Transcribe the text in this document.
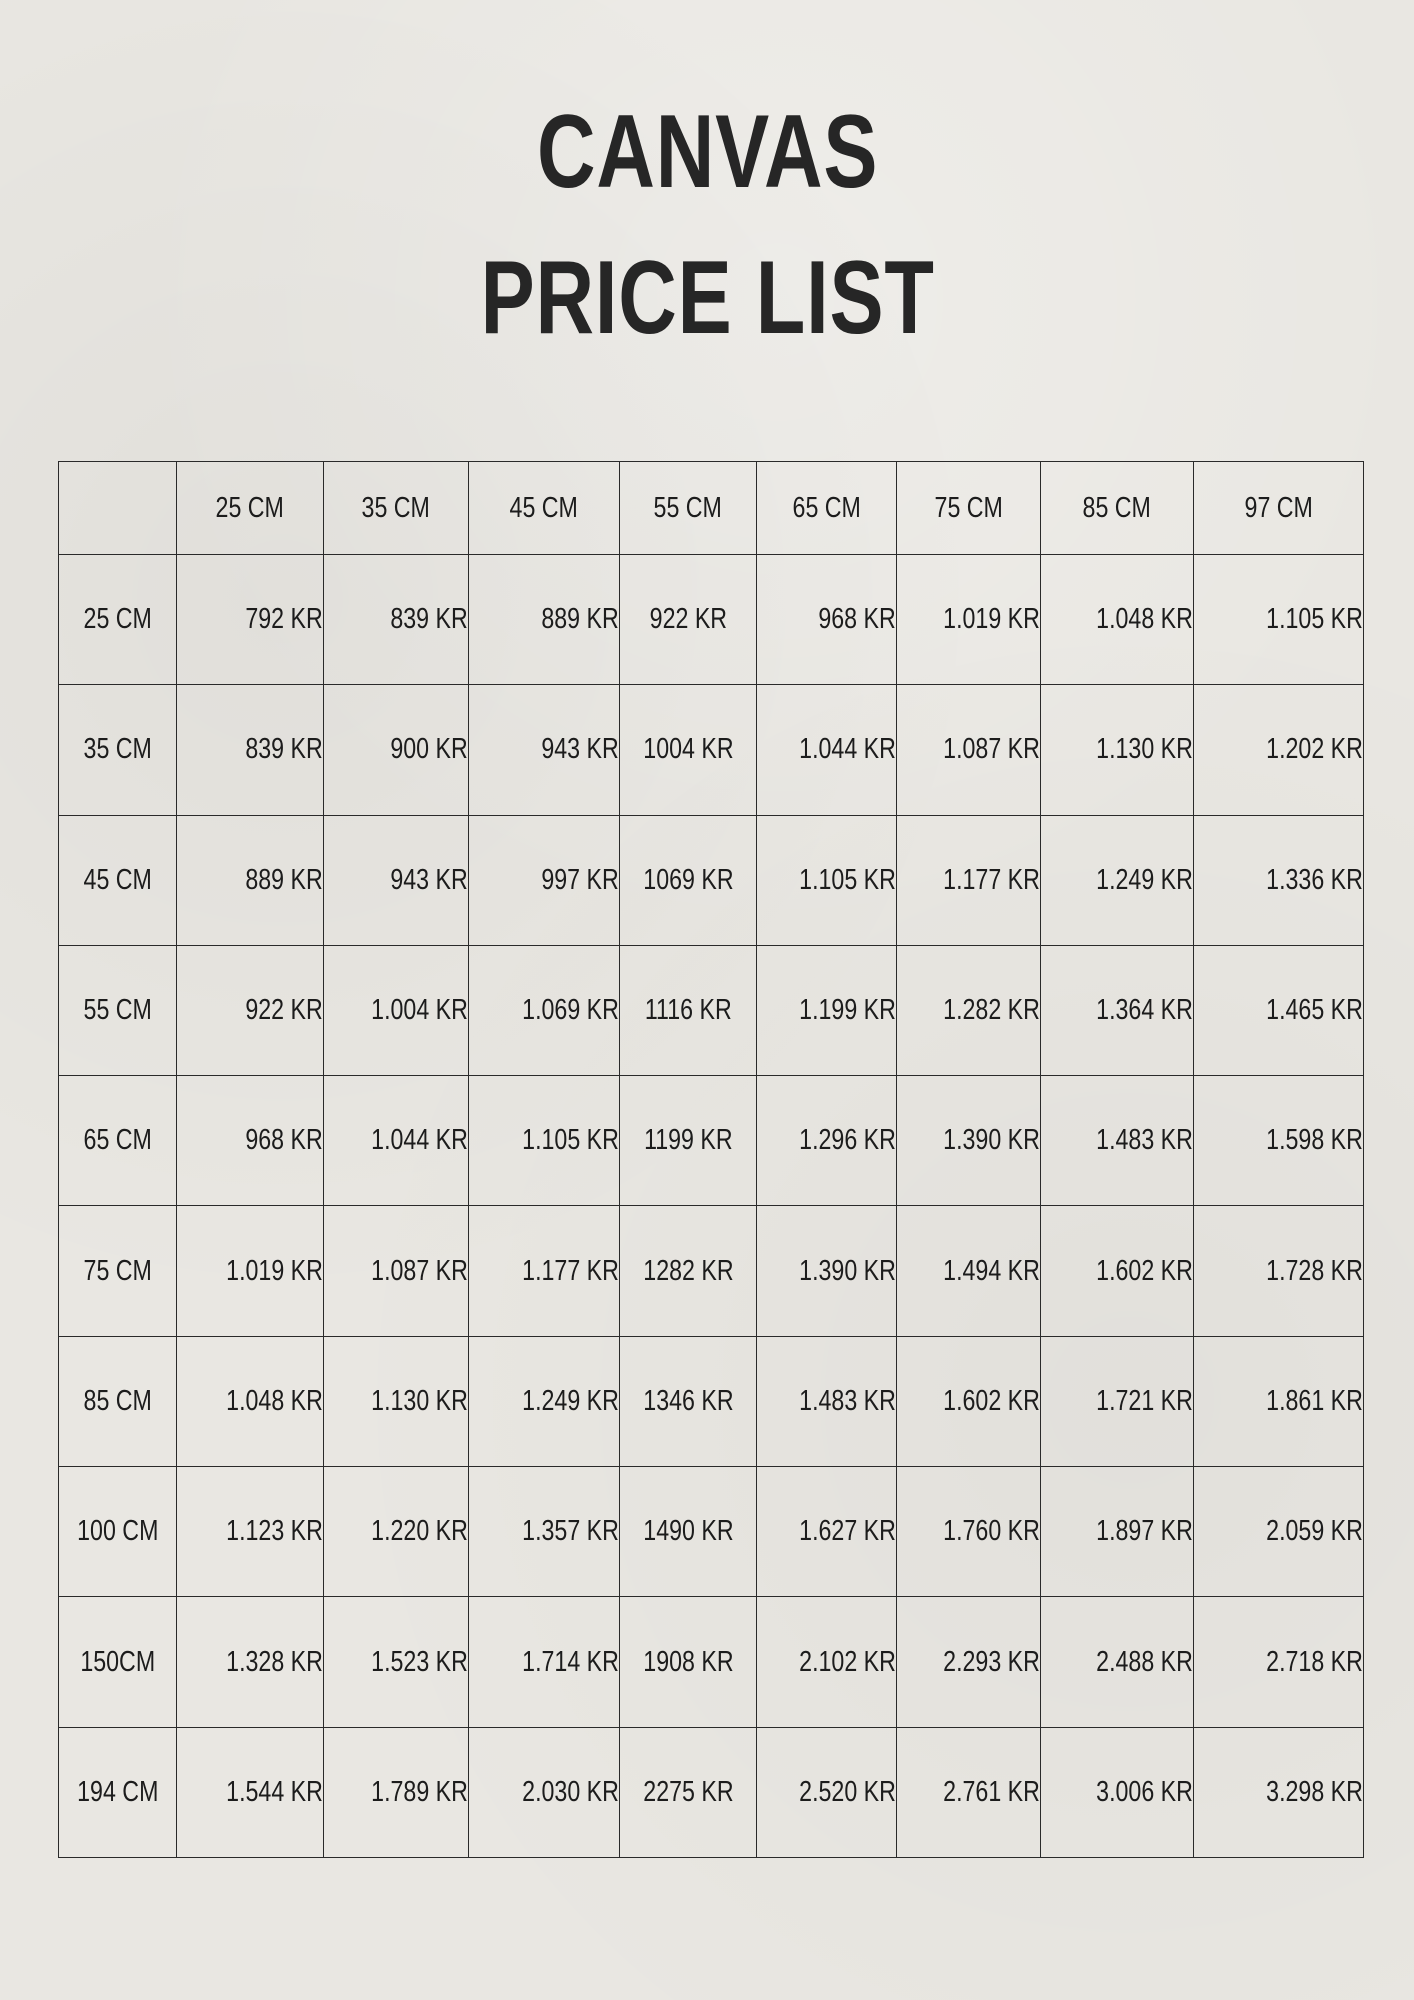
CANVAS
PRICE LIST
	25 CM	35 CM	45 CM	55 CM	65 CM	75 CM	85 CM	97 CM
25 CM	792 KR	839 KR	889 KR	922 KR	968 KR	1.019 KR	1.048 KR	1.105 KR
35 CM	839 KR	900 KR	943 KR	1004 KR	1.044 KR	1.087 KR	1.130 KR	1.202 KR
45 CM	889 KR	943 KR	997 KR	1069 KR	1.105 KR	1.177 KR	1.249 KR	1.336 KR
55 CM	922 KR	1.004 KR	1.069 KR	1116 KR	1.199 KR	1.282 KR	1.364 KR	1.465 KR
65 CM	968 KR	1.044 KR	1.105 KR	1199 KR	1.296 KR	1.390 KR	1.483 KR	1.598 KR
75 CM	1.019 KR	1.087 KR	1.177 KR	1282 KR	1.390 KR	1.494 KR	1.602 KR	1.728 KR
85 CM	1.048 KR	1.130 KR	1.249 KR	1346 KR	1.483 KR	1.602 KR	1.721 KR	1.861 KR
100 CM	1.123 KR	1.220 KR	1.357 KR	1490 KR	1.627 KR	1.760 KR	1.897 KR	2.059 KR
150CM	1.328 KR	1.523 KR	1.714 KR	1908 KR	2.102 KR	2.293 KR	2.488 KR	2.718 KR
194 CM	1.544 KR	1.789 KR	2.030 KR	2275 KR	2.520 KR	2.761 KR	3.006 KR	3.298 KR
